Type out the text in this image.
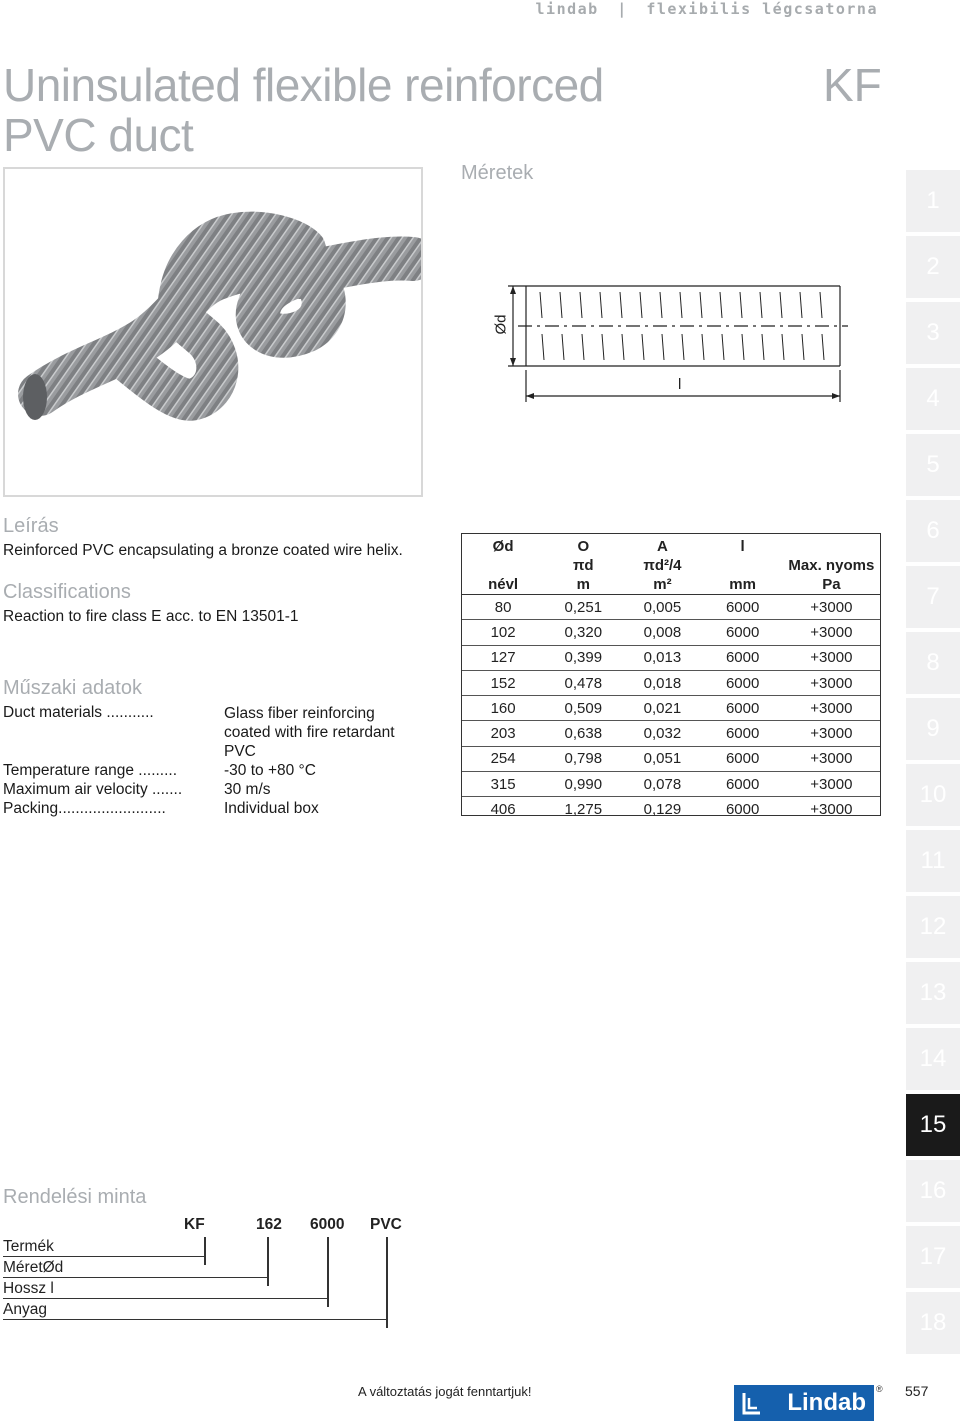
lindab | flexibilis légcsatorna
Uninsulated flexible reinforced
PVC duct
KF
Méretek
Ød
l
Leírás
Reinforced PVC encapsulating a bronze coated wire helix.
Classifications
Reaction to fire class E acc. to EN 13501-1
Műszaki adatok
Duct materials ...........	Glass fiber reinforcing coated with fire retardant PVC
Temperature range .........	-30 to +80 °C
Maximum air velocity .......	30 m/s
Packing.........................	Individual box
Ød	O	A	l	
	πd	πd²/4		Max. nyoms
névl	m	m²	mm	Pa
80	0,251	0,005	6000	+3000
102	0,320	0,008	6000	+3000
127	0,399	0,013	6000	+3000
152	0,478	0,018	6000	+3000
160	0,509	0,021	6000	+3000
203	0,638	0,032	6000	+3000
254	0,798	0,051	6000	+3000
315	0,990	0,078	6000	+3000
406	1,275	0,129	6000	+3000
1
2
3
4
5
6
7
8
9
10
11
12
13
14
15
16
17
18
Rendelési minta
KF	162 6000 PVC
Termék
MéretØd
Hossz l
Anyag
A változtatás jogát fenntartjuk!	Lindab ® 557
